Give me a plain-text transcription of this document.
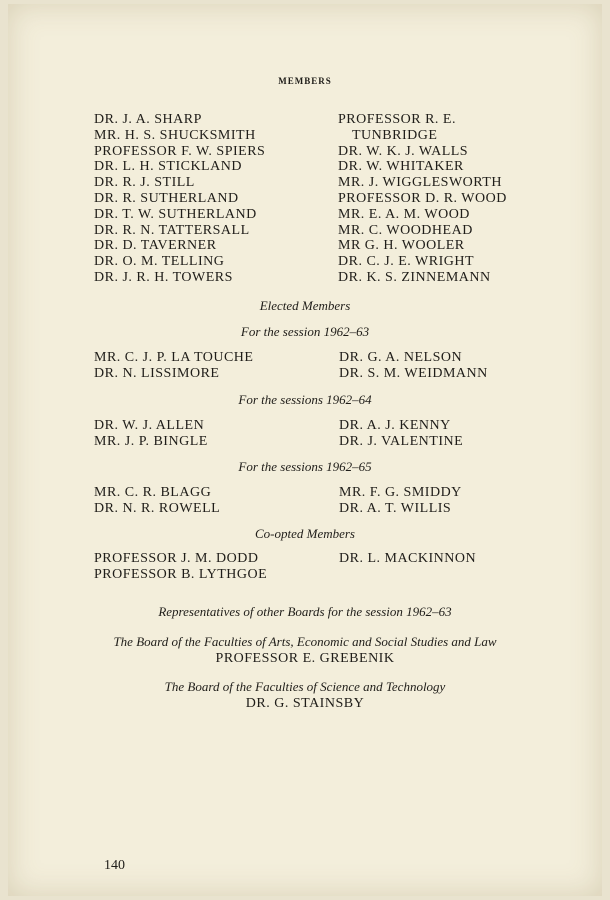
MEMBERS
DR. J. A. SHARP
MR. H. S. SHUCKSMITH
PROFESSOR F. W. SPIERS
DR. L. H. STICKLAND
DR. R. J. STILL
DR. R. SUTHERLAND
DR. T. W. SUTHERLAND
DR. R. N. TATTERSALL
DR. D. TAVERNER
DR. O. M. TELLING
DR. J. R. H. TOWERS
PROFESSOR R. E.
TUNBRIDGE
DR. W. K. J. WALLS
DR. W. WHITAKER
MR. J. WIGGLESWORTH
PROFESSOR D. R. WOOD
MR. E. A. M. WOOD
MR. C. WOODHEAD
MR G. H. WOOLER
DR. C. J. E. WRIGHT
DR. K. S. ZINNEMANN
Elected Members
For the session 1962–63
MR. C. J. P. LA TOUCHE	DR. G. A. NELSON
DR. N. LISSIMORE	DR. S. M. WEIDMANN
For the sessions 1962–64
DR. W. J. ALLEN	DR. A. J. KENNY
MR. J. P. BINGLE	DR. J. VALENTINE
For the sessions 1962–65
MR. C. R. BLAGG	MR. F. G. SMIDDY
DR. N. R. ROWELL	DR. A. T. WILLIS
Co-opted Members
PROFESSOR J. M. DODD	DR. L. MACKINNON
PROFESSOR B. LYTHGOE
Representatives of other Boards for the session 1962–63
The Board of the Faculties of Arts, Economic and Social Studies and Law
PROFESSOR E. GREBENIK
The Board of the Faculties of Science and Technology
DR. G. STAINSBY
140
